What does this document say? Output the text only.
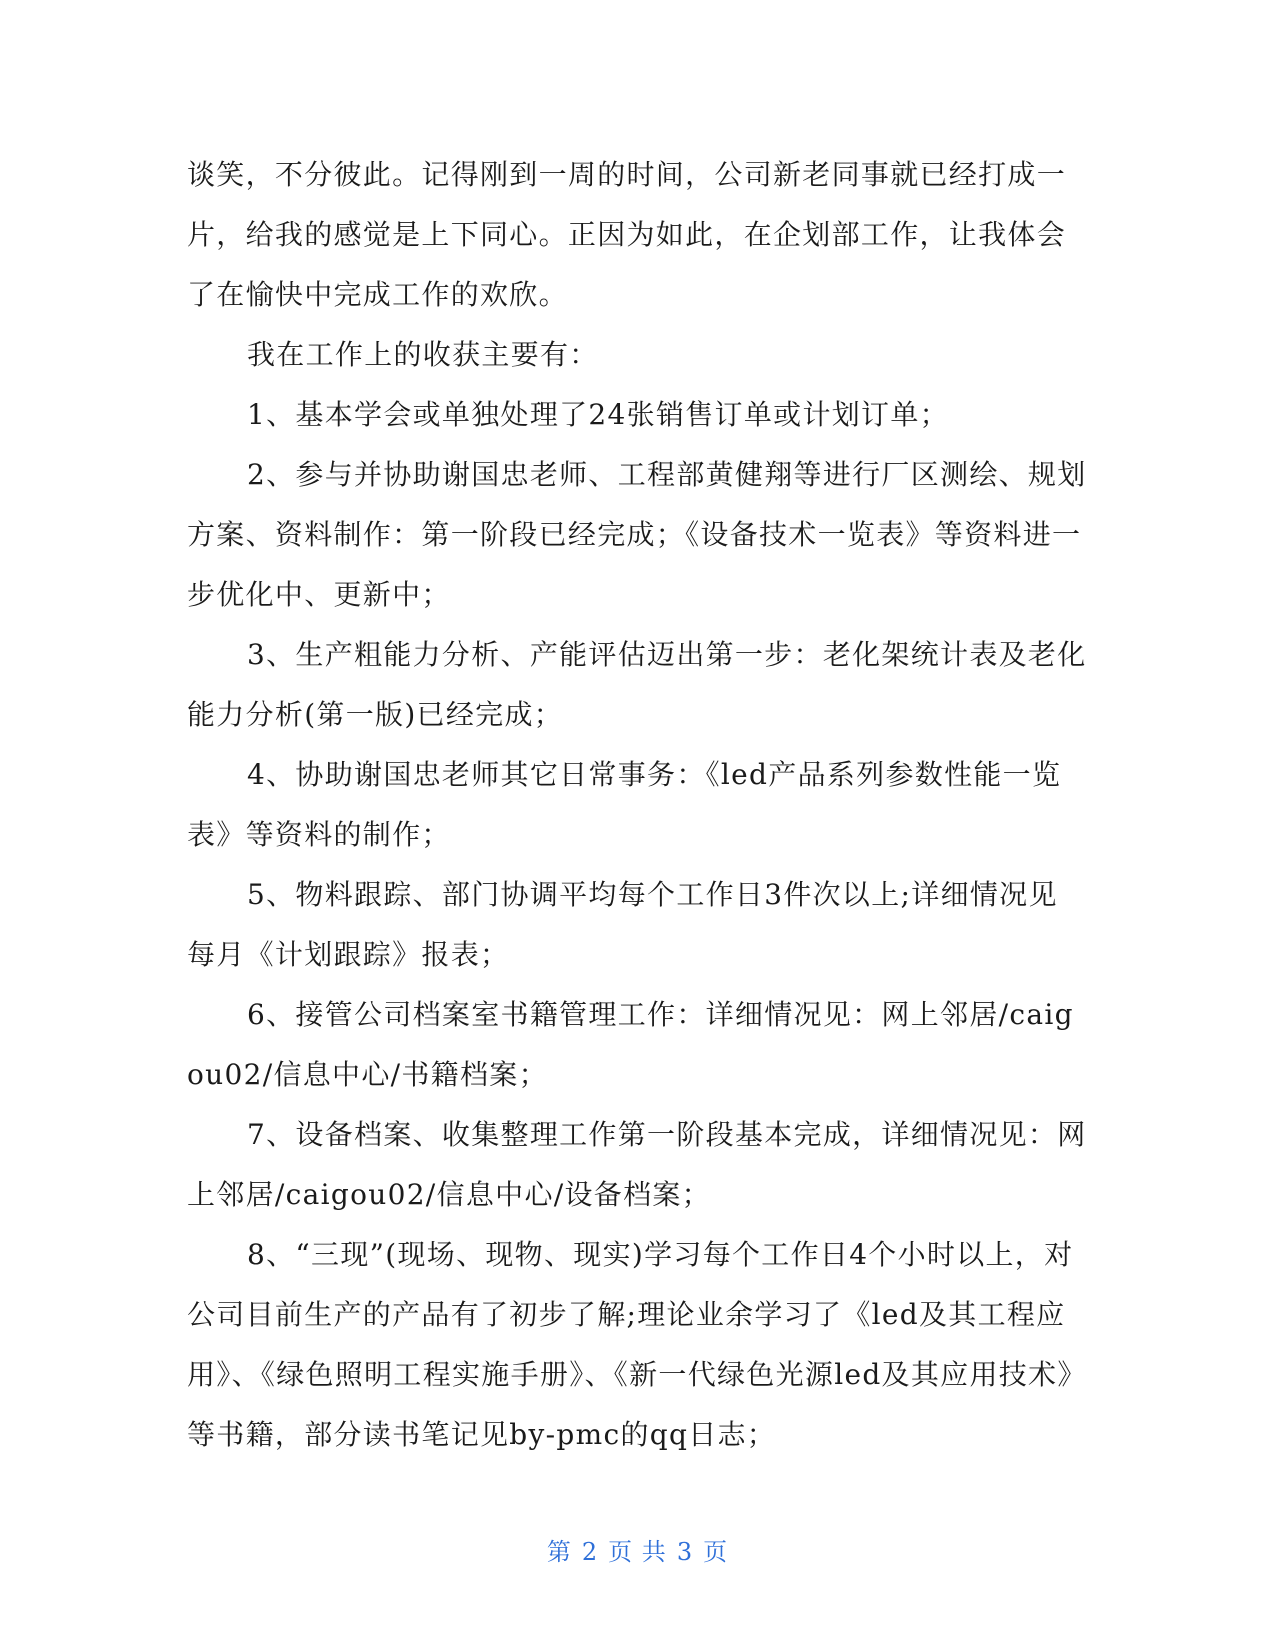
谈笑，不分彼此。记得刚到一周的时间，公司新老同事就已经打成一片，给我的感觉是上下同心。正因为如此，在企划部工作，让我体会了在愉快中完成工作的欢欣。

我在工作上的收获主要有：

1、基本学会或单独处理了24张销售订单或计划订单；

2、参与并协助谢国忠老师、工程部黄健翔等进行厂区测绘、规划方案、资料制作：第一阶段已经完成；《设备技术一览表》等资料进一步优化中、更新中；

3、生产粗能力分析、产能评估迈出第一步：老化架统计表及老化能力分析(第一版)已经完成；

4、协助谢国忠老师其它日常事务：《led产品系列参数性能一览表》等资料的制作；

5、物料跟踪、部门协调平均每个工作日3件次以上;详细情况见每月《计划跟踪》报表；

6、接管公司档案室书籍管理工作：详细情况见：网上邻居/caigou02/信息中心/书籍档案；

7、设备档案、收集整理工作第一阶段基本完成，详细情况见：网上邻居/caigou02/信息中心/设备档案；

8、“三现”(现场、现物、现实)学习每个工作日4个小时以上，对公司目前生产的产品有了初步了解;理论业余学习了《led及其工程应用》、《绿色照明工程实施手册》、《新一代绿色光源led及其应用技术》等书籍，部分读书笔记见by-pmc的qq日志；

第 2 页 共 3 页
